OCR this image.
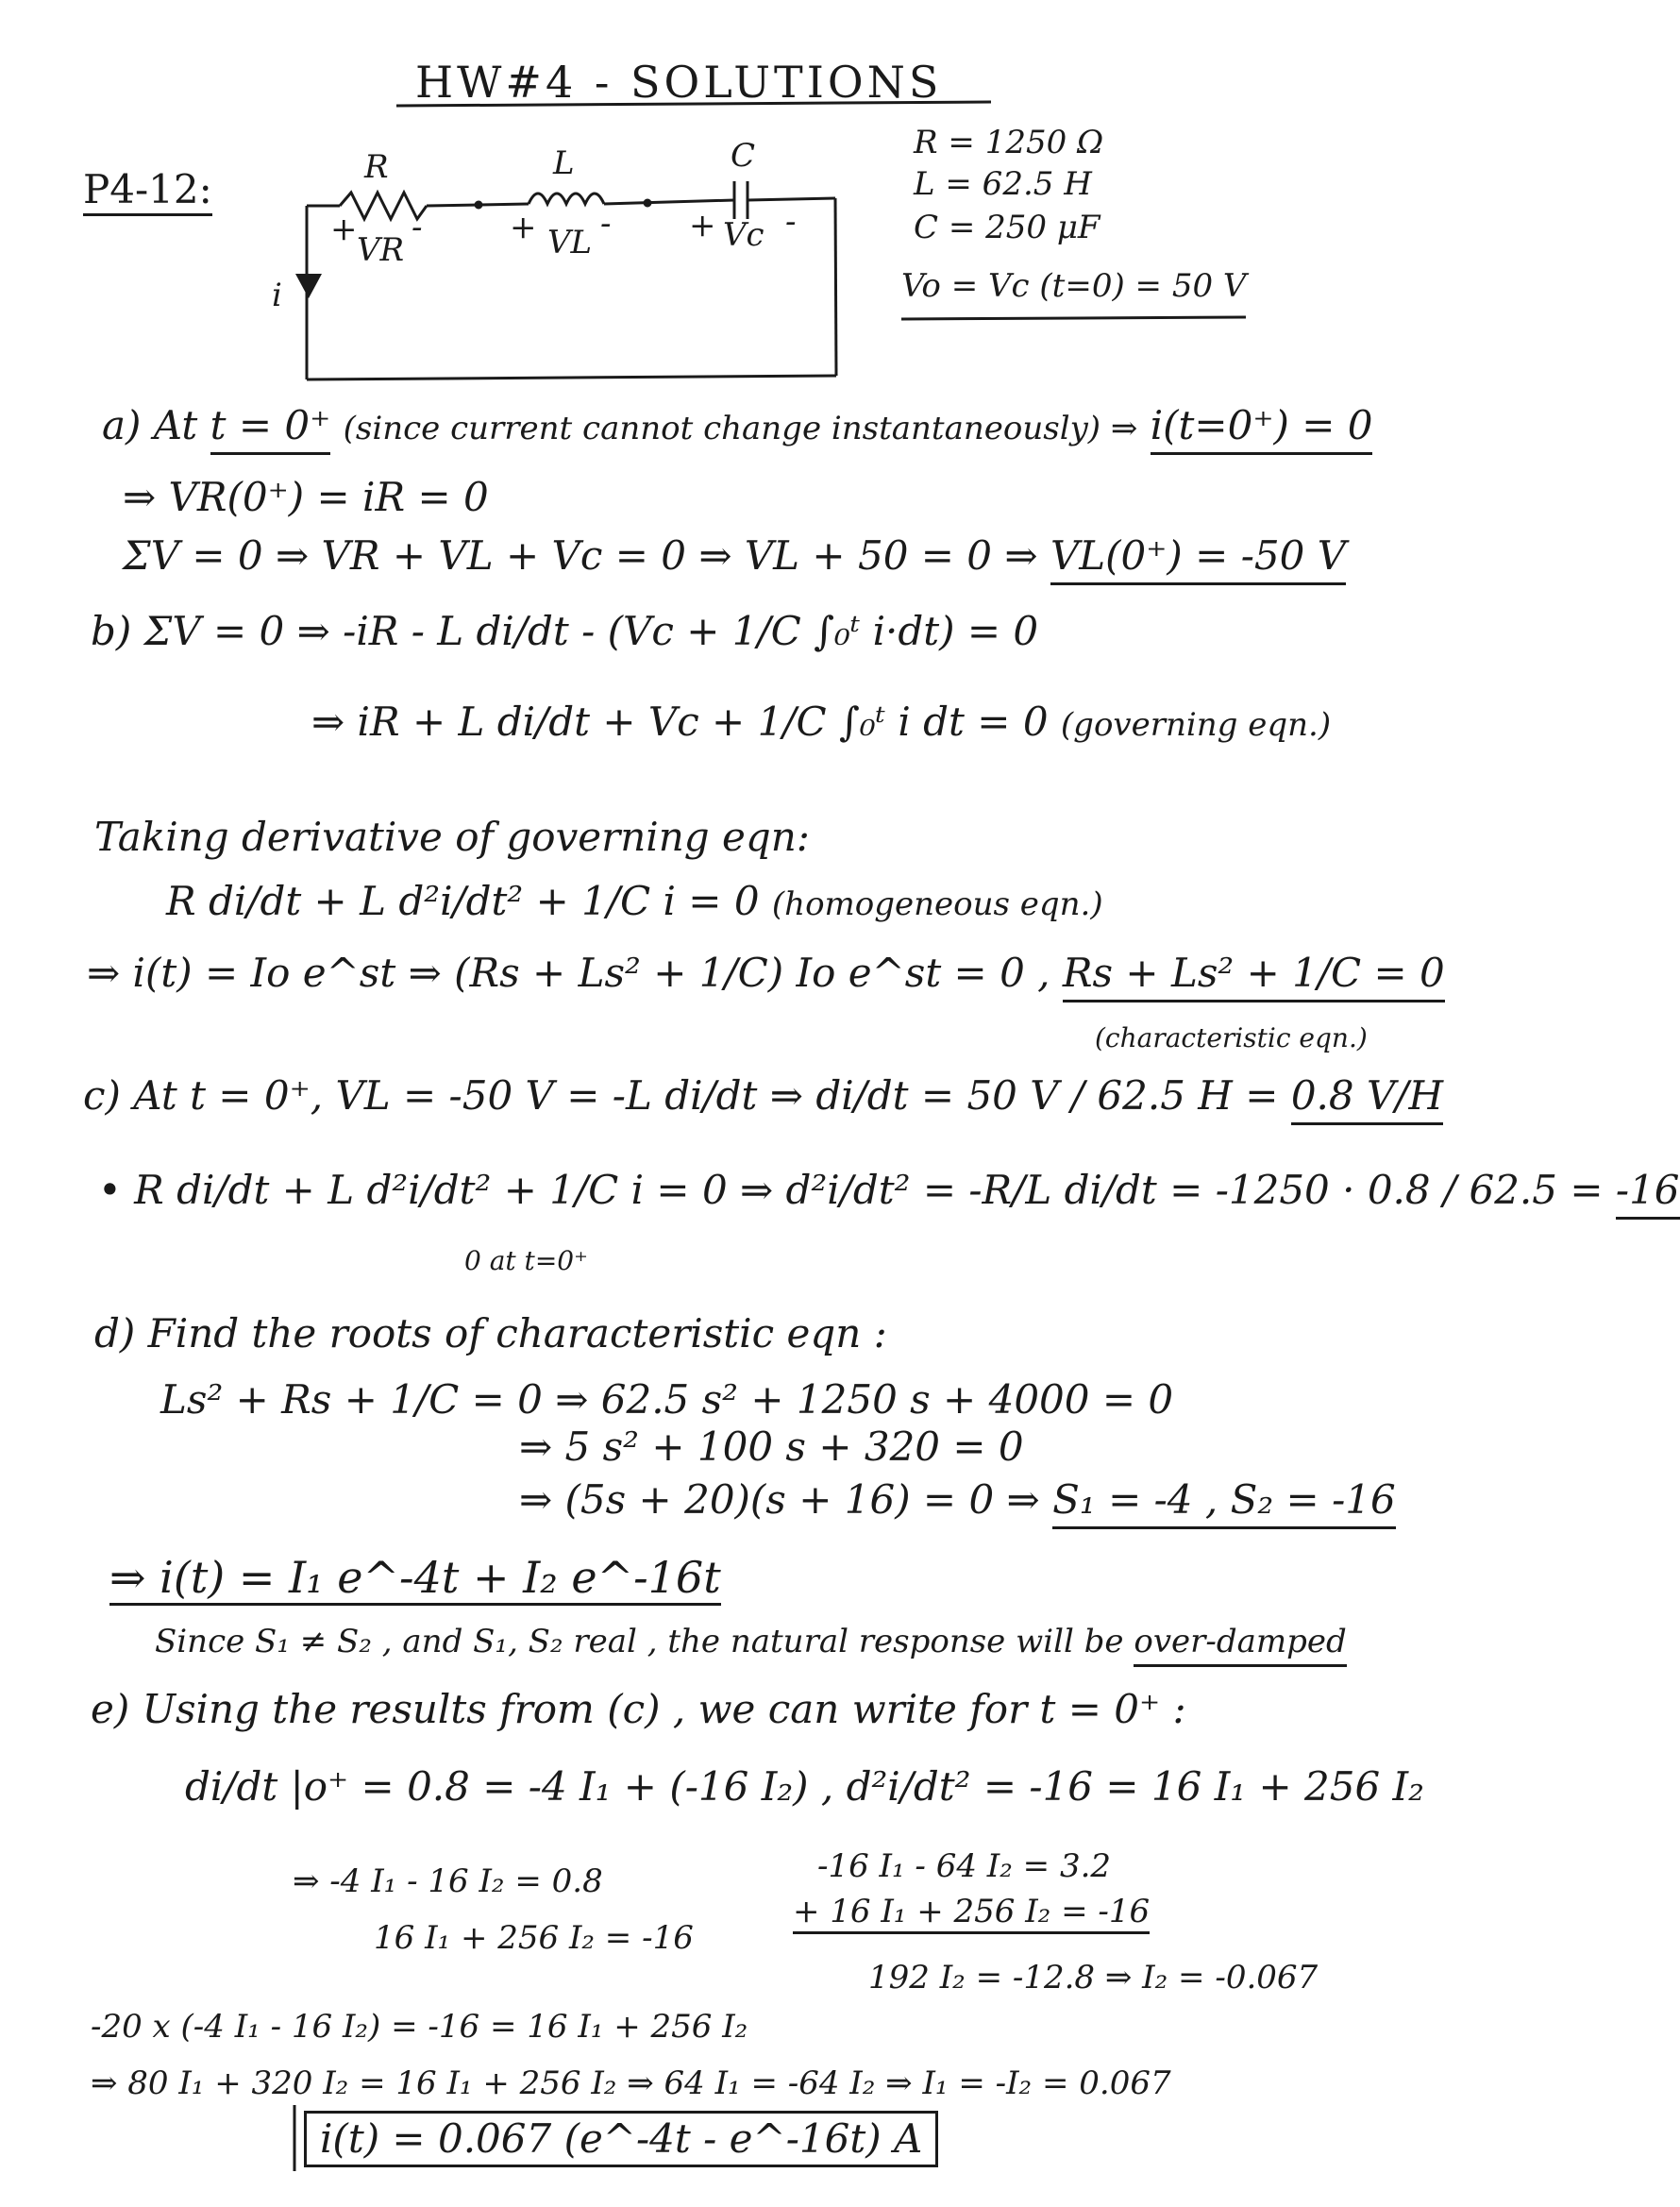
HW#4 - SOLUTIONS
P4-12:	R	L	C
+
VR
-	+ VL - + Vc -
i
R = 1250 Ω
L = 62.5 H
C = 250 μF
Vo = Vc (t=0) = 50 V
a) At t = 0⁺ (since current cannot change instantaneously) ⇒ i(t=0⁺) = 0
⇒ VR(0⁺) = iR = 0
ΣV = 0 ⇒ VR + VL + Vc = 0 ⇒ VL + 50 = 0 ⇒ VL(0⁺) = -50 V
b) ΣV = 0 ⇒ -iR - L di/dt - (Vc + 1/C ∫₀ᵗ i·dt) = 0
⇒ iR + L di/dt + Vc + 1/C ∫₀ᵗ i dt = 0 (governing eqn.)
Taking derivative of governing eqn:
R di/dt + L d²i/dt² + 1/C i = 0 (homogeneous eqn.)
⇒ i(t) = Io e^st ⇒ (Rs + Ls² + 1/C) Io e^st = 0 , Rs + Ls² + 1/C = 0
(characteristic eqn.)
c) At t = 0⁺, VL = -50 V = -L di/dt ⇒ di/dt = 50 V / 62.5 H = 0.8 V/H
• R di/dt + L d²i/dt² + 1/C i = 0 ⇒ d²i/dt² = -R/L di/dt = -1250 · 0.8 / 62.5 = -16
0 at t=0⁺
d) Find the roots of characteristic eqn :
Ls² + Rs + 1/C = 0 ⇒ 62.5 s² + 1250 s + 4000 = 0
⇒ 5 s² + 100 s + 320 = 0
⇒ (5s + 20)(s + 16) = 0 ⇒ S₁ = -4 , S₂ = -16
⇒ i(t) = I₁ e^-4t + I₂ e^-16t
Since S₁ ≠ S₂ , and S₁, S₂ real , the natural response will be over-damped
e) Using the results from (c) , we can write for t = 0⁺ :
di/dt |o⁺ = 0.8 = -4 I₁ + (-16 I₂) , d²i/dt² = -16 = 16 I₁ + 256 I₂
⇒ -4 I₁ - 16 I₂ = 0.8	-16 I₁ - 64 I₂ = 3.2
16 I₁ + 256 I₂ = -16
+ 16 I₁ + 256 I₂ = -16
192 I₂ = -12.8 ⇒ I₂ = -0.067
-20 x (-4 I₁ - 16 I₂) = -16 = 16 I₁ + 256 I₂
⇒ 80 I₁ + 320 I₂ = 16 I₁ + 256 I₂ ⇒ 64 I₁ = -64 I₂ ⇒ I₁ = -I₂ = 0.067
i(t) = 0.067 (e^-4t - e^-16t) A
